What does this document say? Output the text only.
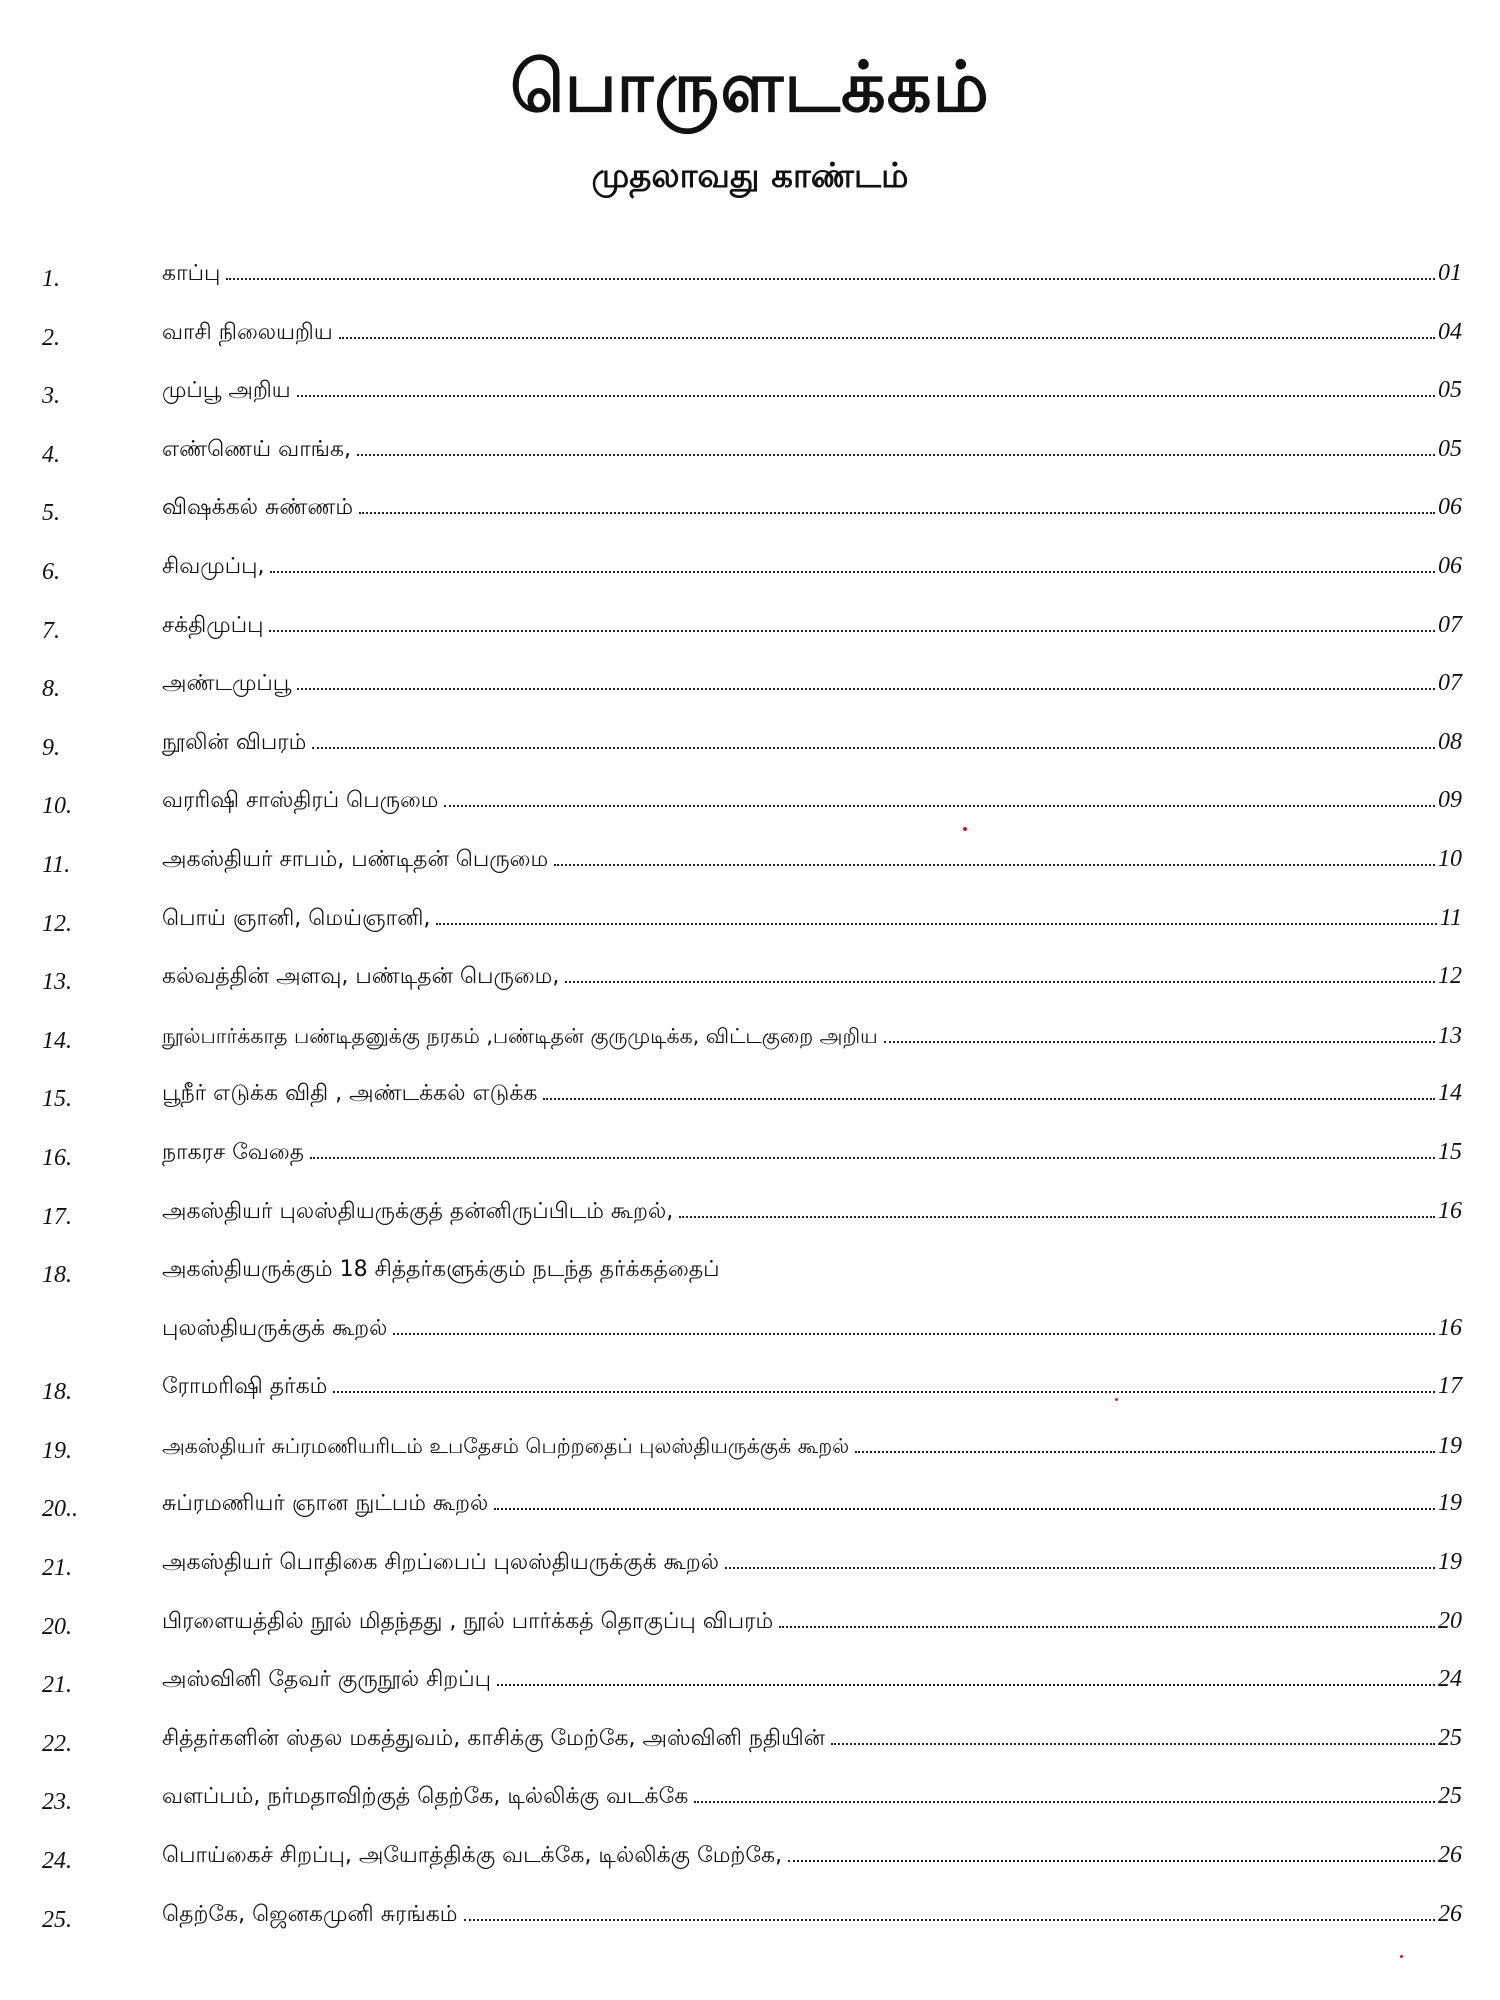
பொருளடக்கம்
முதலாவது காண்டம்
1.	காப்பு	01
2.	வாசி நிலையறிய	04
3.	முப்பூ அறிய	05
4.	எண்ணெய் வாங்க,	05
5.	விஷக்கல் சுண்ணம்	06
6.	சிவமுப்பு,	06
7.	சக்திமுப்பு	07
8.	அண்டமுப்பூ	07
9.	நூலின் விபரம்	08
10.	வரரிஷி சாஸ்திரப் பெருமை	09
11.	அகஸ்தியர் சாபம், பண்டிதன் பெருமை	10
12.	பொய் ஞானி, மெய்ஞானி,	11
13.	கல்வத்தின் அளவு, பண்டிதன் பெருமை,	12
14.	நூல்பார்க்காத பண்டிதனுக்கு நரகம் ,பண்டிதன் குருமுடிக்க, விட்டகுறை அறிய	13
15.	பூநீர் எடுக்க விதி , அண்டக்கல் எடுக்க	14
16.	நாகரச வேதை	15
17.	அகஸ்தியர் புலஸ்தியருக்குத் தன்னிருப்பிடம் கூறல்,	16
18.	அகஸ்தியருக்கும் 18 சித்தர்களுக்கும் நடந்த தர்க்கத்தைப்
புலஸ்தியருக்குக் கூறல்	16
18.	ரோமரிஷி தர்கம்	17
19.	அகஸ்தியர் சுப்ரமணியரிடம் உபதேசம் பெற்றதைப் புலஸ்தியருக்குக் கூறல்	19
20..	சுப்ரமணியர் ஞான நுட்பம் கூறல்	19
21.	அகஸ்தியர் பொதிகை சிறப்பைப் புலஸ்தியருக்குக் கூறல்	19
20.	பிரளையத்தில் நூல் மிதந்தது , நூல் பார்க்கத் தொகுப்பு விபரம்	20
21.	அஸ்வினி தேவர் குருநூல் சிறப்பு	24
22.	சித்தர்களின் ஸ்தல மகத்துவம், காசிக்கு மேற்கே, அஸ்வினி நதியின்	25
23.	வளப்பம், நர்மதாவிற்குத் தெற்கே, டில்லிக்கு வடக்கே	25
24.	பொய்கைச் சிறப்பு, அயோத்திக்கு வடக்கே, டில்லிக்கு மேற்கே,	26
25.	தெற்கே, ஜெனகமுனி சுரங்கம்	26
